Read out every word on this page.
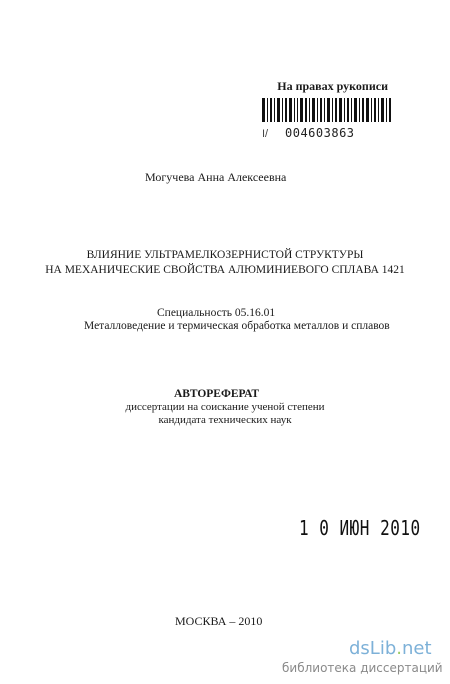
На правах рукописи
I/ 004603863
Могучева Анна Алексеевна
ВЛИЯНИЕ УЛЬТРАМЕЛКОЗЕРНИСТОЙ СТРУКТУРЫ
НА МЕХАНИЧЕСКИЕ СВОЙСТВА АЛЮМИНИЕВОГО СПЛАВА 1421
Специальность 05.16.01
Металловедение и термическая обработка металлов и сплавов
АВТОРЕФЕРАТ
диссертации на соискание ученой степени
кандидата технических наук
1 0 ИЮН 2010
МОСКВА – 2010
dsLib.net
библиотека диссертаций
